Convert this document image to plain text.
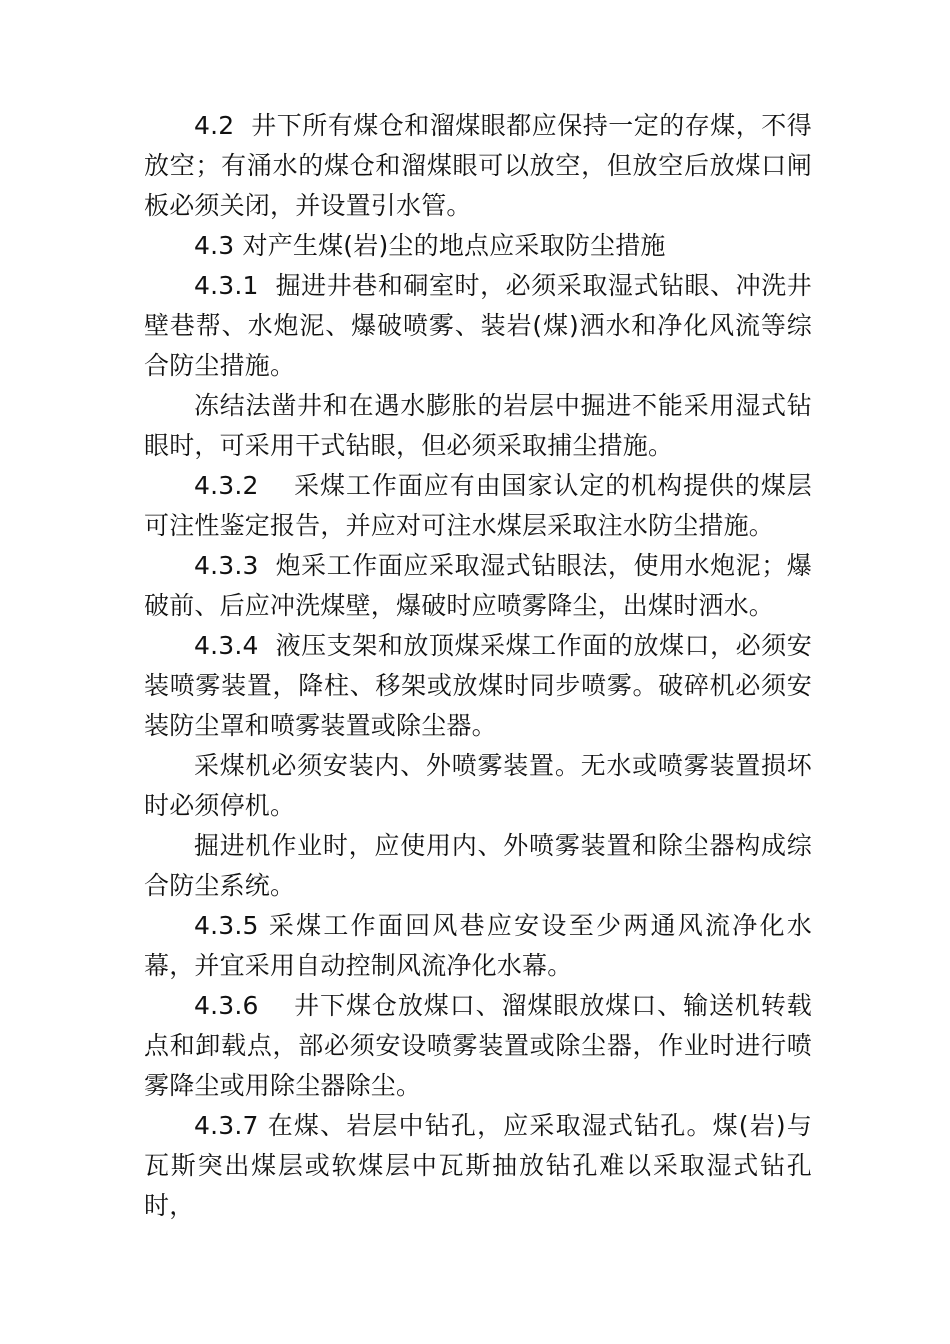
4.2  井下所有煤仓和溜煤眼都应保持一定的存煤，不得放空；有涌水的煤仓和溜煤眼可以放空，但放空后放煤口闸板必须关闭，并设置引水管。

4.3 对产生煤(岩)尘的地点应采取防尘措施

4.3.1  掘进井巷和硐室时，必须采取湿式钻眼、冲洗井壁巷帮、水炮泥、爆破喷雾、装岩(煤)洒水和净化风流等综合防尘措施。

冻结法凿井和在遇水膨胀的岩层中掘进不能采用湿式钻眼时，可采用干式钻眼，但必须采取捕尘措施。

4.3.2    采煤工作面应有由国家认定的机构提供的煤层可注性鉴定报告，并应对可注水煤层采取注水防尘措施。

4.3.3  炮采工作面应采取湿式钻眼法，使用水炮泥；爆破前、后应冲洗煤壁，爆破时应喷雾降尘，出煤时洒水。

4.3.4  液压支架和放顶煤采煤工作面的放煤口，必须安装喷雾装置，降柱、移架或放煤时同步喷雾。破碎机必须安装防尘罩和喷雾装置或除尘器。

采煤机必须安装内、外喷雾装置。无水或喷雾装置损坏时必须停机。

掘进机作业时，应使用内、外喷雾装置和除尘器构成综合防尘系统。

4.3.5 采煤工作面回风巷应安设至少两通风流净化水幕，并宜采用自动控制风流净化水幕。

4.3.6    井下煤仓放煤口、溜煤眼放煤口、输送机转载点和卸载点，部必须安设喷雾装置或除尘器，作业时进行喷雾降尘或用除尘器除尘。

4.3.7 在煤、岩层中钻孔，应采取湿式钻孔。煤(岩)与瓦斯突出煤层或软煤层中瓦斯抽放钻孔难以采取湿式钻孔时，
